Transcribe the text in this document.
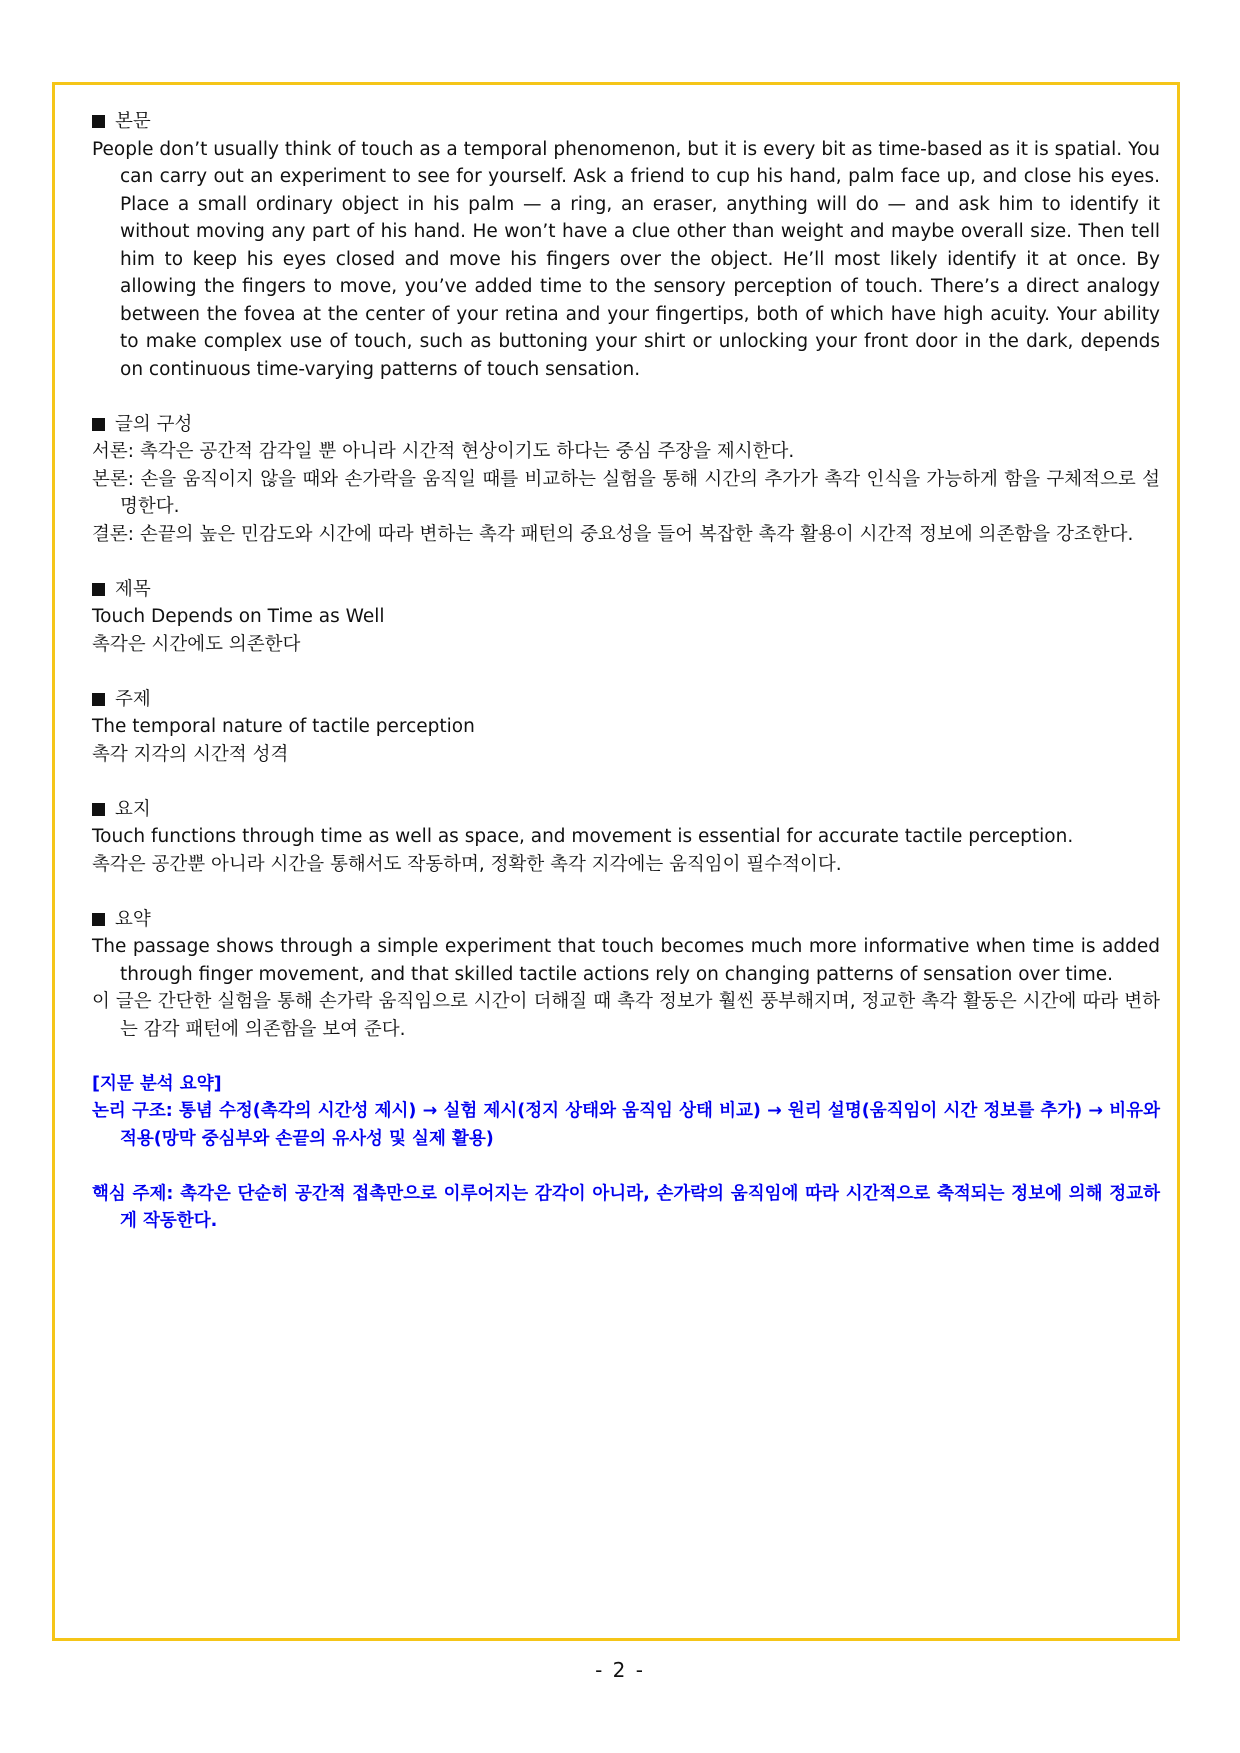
본문

People don’t usually think of touch as a temporal phenomenon, but it is every bit as time-based as it is spatial. You can carry out an experiment to see for yourself. Ask a friend to cup his hand, palm face up, and close his eyes. Place a small ordinary object in his palm — a ring, an eraser, anything will do — and ask him to identify it without moving any part of his hand. He won’t have a clue other than weight and maybe overall size. Then tell him to keep his eyes closed and move his fingers over the object. He’ll most likely identify it at once. By allowing the fingers to move, you’ve added time to the sensory perception of touch. There’s a direct analogy between the fovea at the center of your retina and your fingertips, both of which have high acuity. Your ability to make complex use of touch, such as buttoning your shirt or unlocking your front door in the dark, depends on continuous time-varying patterns of touch sensation.

글의 구성

서론: 촉각은 공간적 감각일 뿐 아니라 시간적 현상이기도 하다는 중심 주장을 제시한다.

본론: 손을 움직이지 않을 때와 손가락을 움직일 때를 비교하는 실험을 통해 시간의 추가가 촉각 인식을 가능하게 함을 구체적으로 설명한다.

결론: 손끝의 높은 민감도와 시간에 따라 변하는 촉각 패턴의 중요성을 들어 복잡한 촉각 활용이 시간적 정보에 의존함을 강조한다.

제목

Touch Depends on Time as Well

촉각은 시간에도 의존한다

주제

The temporal nature of tactile perception

촉각 지각의 시간적 성격

요지

Touch functions through time as well as space, and movement is essential for accurate tactile perception.

촉각은 공간뿐 아니라 시간을 통해서도 작동하며, 정확한 촉각 지각에는 움직임이 필수적이다.

요약

The passage shows through a simple experiment that touch becomes much more informative when time is added through finger movement, and that skilled tactile actions rely on changing patterns of sensation over time.

이 글은 간단한 실험을 통해 손가락 움직임으로 시간이 더해질 때 촉각 정보가 훨씬 풍부해지며, 정교한 촉각 활동은 시간에 따라 변하는 감각 패턴에 의존함을 보여 준다.

[지문 분석 요약]

논리 구조: 통념 수정(촉각의 시간성 제시) → 실험 제시(정지 상태와 움직임 상태 비교) → 원리 설명(움직임이 시간 정보를 추가) → 비유와 적용(망막 중심부와 손끝의 유사성 및 실제 활용)

핵심 주제: 촉각은 단순히 공간적 접촉만으로 이루어지는 감각이 아니라, 손가락의 움직임에 따라 시간적으로 축적되는 정보에 의해 정교하게 작동한다.

- 2 -
